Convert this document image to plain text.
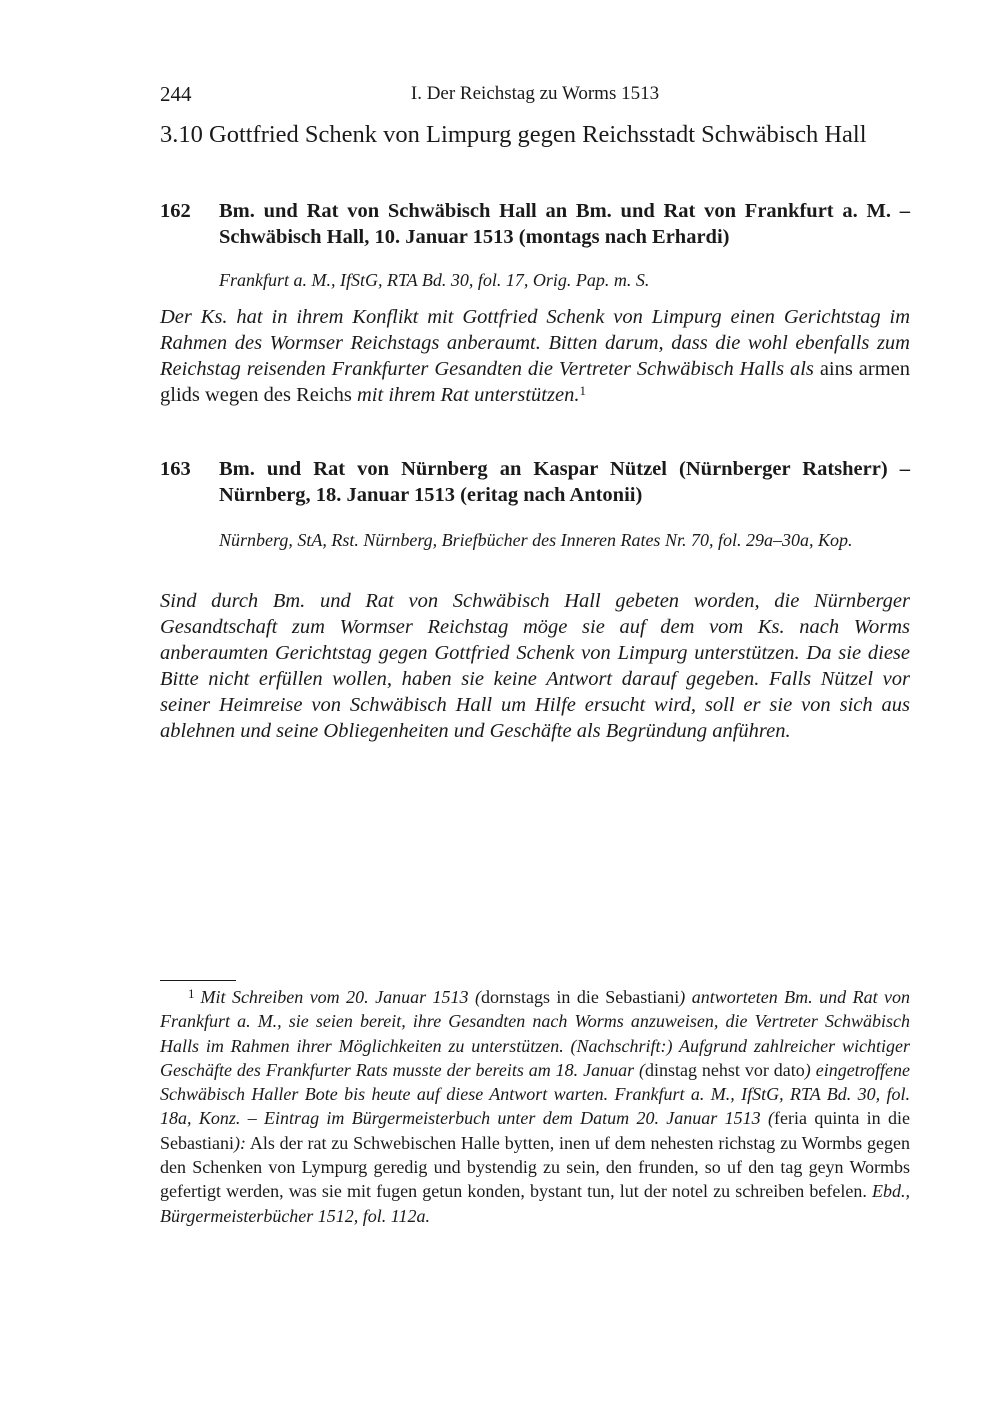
244	I. Der Reichstag zu Worms 1513
3.10 Gottfried Schenk von Limpurg gegen Reichsstadt Schwäbisch Hall
162 Bm. und Rat von Schwäbisch Hall an Bm. und Rat von Frankfurt a. M. – Schwäbisch Hall, 10. Januar 1513 (montags nach Erhardi)
Frankfurt a. M., IfStG, RTA Bd. 30, fol. 17, Orig. Pap. m. S.
Der Ks. hat in ihrem Konflikt mit Gottfried Schenk von Limpurg einen Gerichtstag im Rahmen des Wormser Reichstags anberaumt. Bitten darum, dass die wohl ebenfalls zum Reichstag reisenden Frankfurter Gesandten die Vertreter Schwäbisch Halls als ains armen glids wegen des Reichs mit ihrem Rat unterstützen.$^1$
163 Bm. und Rat von Nürnberg an Kaspar Nützel (Nürnberger Ratsherr) – Nürnberg, 18. Januar 1513 (eritag nach Antonii)
Nürnberg, StA, Rst. Nürnberg, Briefbücher des Inneren Rates Nr. 70, fol. 29a–30a, Kop.
Sind durch Bm. und Rat von Schwäbisch Hall gebeten worden, die Nürnberger Gesandtschaft zum Wormser Reichstag möge sie auf dem vom Ks. nach Worms anberaumten Gerichtstag gegen Gottfried Schenk von Limpurg unterstützen. Da sie diese Bitte nicht erfüllen wollen, haben sie keine Antwort darauf gegeben. Falls Nützel vor seiner Heimreise von Schwäbisch Hall um Hilfe ersucht wird, soll er sie von sich aus ablehnen und seine Obliegenheiten und Geschäfte als Begründung anführen.
$^1$ Mit Schreiben vom 20. Januar 1513 (dornstags in die Sebastiani) antworteten Bm. und Rat von Frankfurt a. M., sie seien bereit, ihre Gesandten nach Worms anzuweisen, die Vertreter Schwäbisch Halls im Rahmen ihrer Möglichkeiten zu unterstützen. (Nachschrift:) Aufgrund zahlreicher wichtiger Geschäfte des Frankfurter Rats musste der bereits am 18. Januar (dinstag nehst vor dato) eingetroffene Schwäbisch Haller Bote bis heute auf diese Antwort warten. Frankfurt a. M., IfStG, RTA Bd. 30, fol. 18a, Konz. – Eintrag im Bürgermeisterbuch unter dem Datum 20. Januar 1513 (feria quinta in die Sebastiani): Als der rat zu Schwebischen Halle bytten, inen uf dem nehesten richstag zu Wormbs gegen den Schenken von Lympurg geredig und bystendig zu sein, den frunden, so uf den tag geyn Wormbs gefertigt werden, was sie mit fugen getun konden, bystant tun, lut der notel zu schreiben befelen. Ebd., Bürgermeisterbücher 1512, fol. 112a.
